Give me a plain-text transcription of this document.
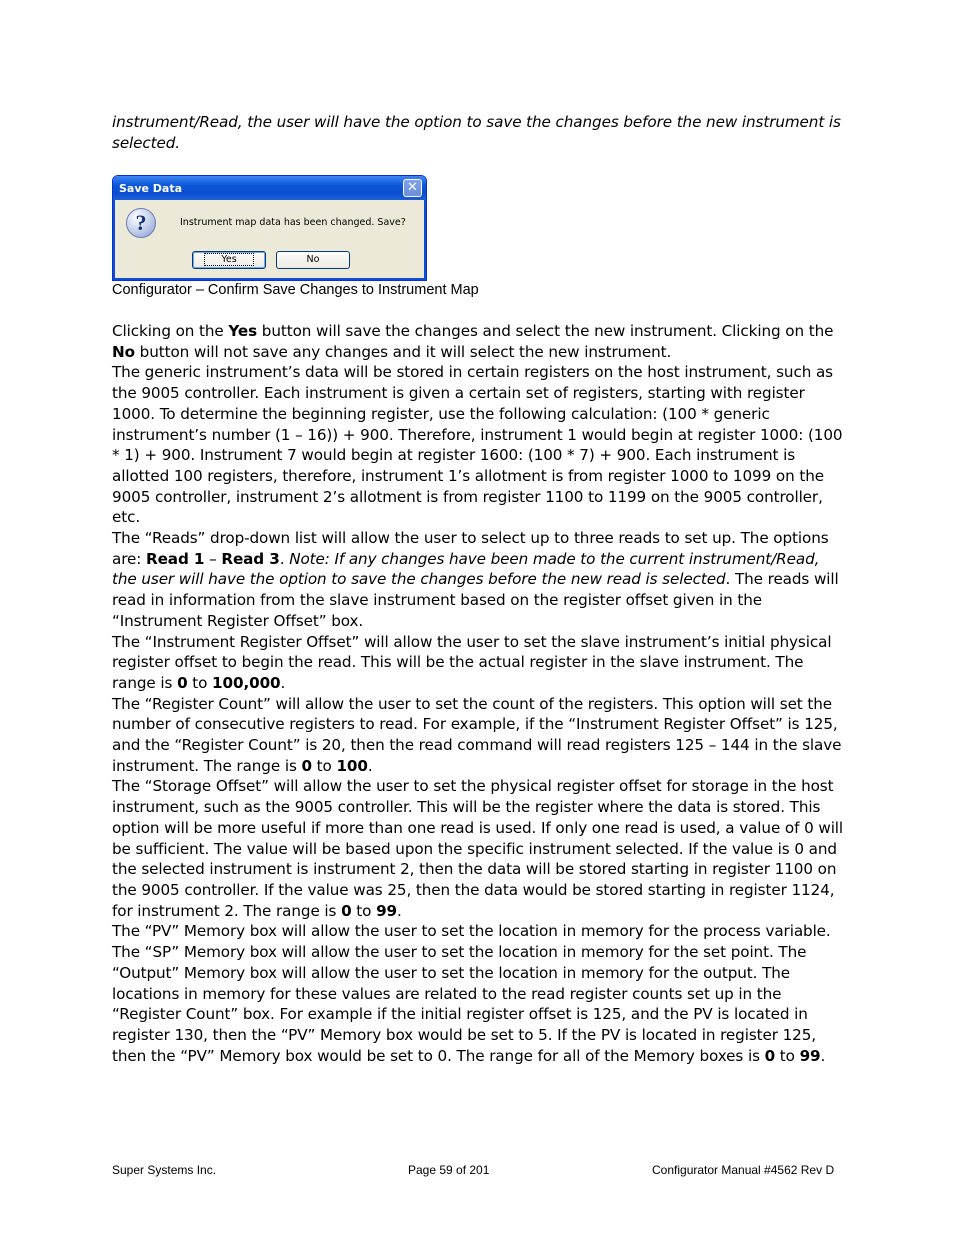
instrument/Read, the user will have the option to save the changes before the new instrument is selected.
Save Data	✕
?	Instrument map data has been changed. Save?
Yes	No
Configurator – Confirm Save Changes to Instrument Map
Clicking on the Yes button will save the changes and select the new instrument. Clicking on the No button will not save any changes and it will select the new instrument.
The generic instrument’s data will be stored in certain registers on the host instrument, such as the 9005 controller. Each instrument is given a certain set of registers, starting with register 1000. To determine the beginning register, use the following calculation: (100 * generic instrument’s number (1 – 16)) + 900. Therefore, instrument 1 would begin at register 1000: (100 * 1) + 900. Instrument 7 would begin at register 1600: (100 * 7) + 900. Each instrument is allotted 100 registers, therefore, instrument 1’s allotment is from register 1000 to 1099 on the 9005 controller, instrument 2’s allotment is from register 1100 to 1199 on the 9005 controller, etc.
The “Reads” drop-down list will allow the user to select up to three reads to set up. The options are: Read 1 – Read 3. Note: If any changes have been made to the current instrument/Read, the user will have the option to save the changes before the new read is selected. The reads will read in information from the slave instrument based on the register offset given in the “Instrument Register Offset” box.
The “Instrument Register Offset” will allow the user to set the slave instrument’s initial physical register offset to begin the read. This will be the actual register in the slave instrument. The range is 0 to 100,000.
The “Register Count” will allow the user to set the count of the registers. This option will set the number of consecutive registers to read. For example, if the “Instrument Register Offset” is 125, and the “Register Count” is 20, then the read command will read registers 125 – 144 in the slave instrument. The range is 0 to 100.
The “Storage Offset” will allow the user to set the physical register offset for storage in the host instrument, such as the 9005 controller. This will be the register where the data is stored. This option will be more useful if more than one read is used. If only one read is used, a value of 0 will be sufficient. The value will be based upon the specific instrument selected. If the value is 0 and the selected instrument is instrument 2, then the data will be stored starting in register 1100 on the 9005 controller. If the value was 25, then the data would be stored starting in register 1124, for instrument 2. The range is 0 to 99.
The “PV” Memory box will allow the user to set the location in memory for the process variable. The “SP” Memory box will allow the user to set the location in memory for the set point. The “Output” Memory box will allow the user to set the location in memory for the output. The locations in memory for these values are related to the read register counts set up in the “Register Count” box. For example if the initial register offset is 125, and the PV is located in register 130, then the “PV” Memory box would be set to 5. If the PV is located in register 125, then the “PV” Memory box would be set to 0. The range for all of the Memory boxes is 0 to 99.
Super Systems Inc.	Page 59 of 201	Configurator Manual #4562 Rev D
